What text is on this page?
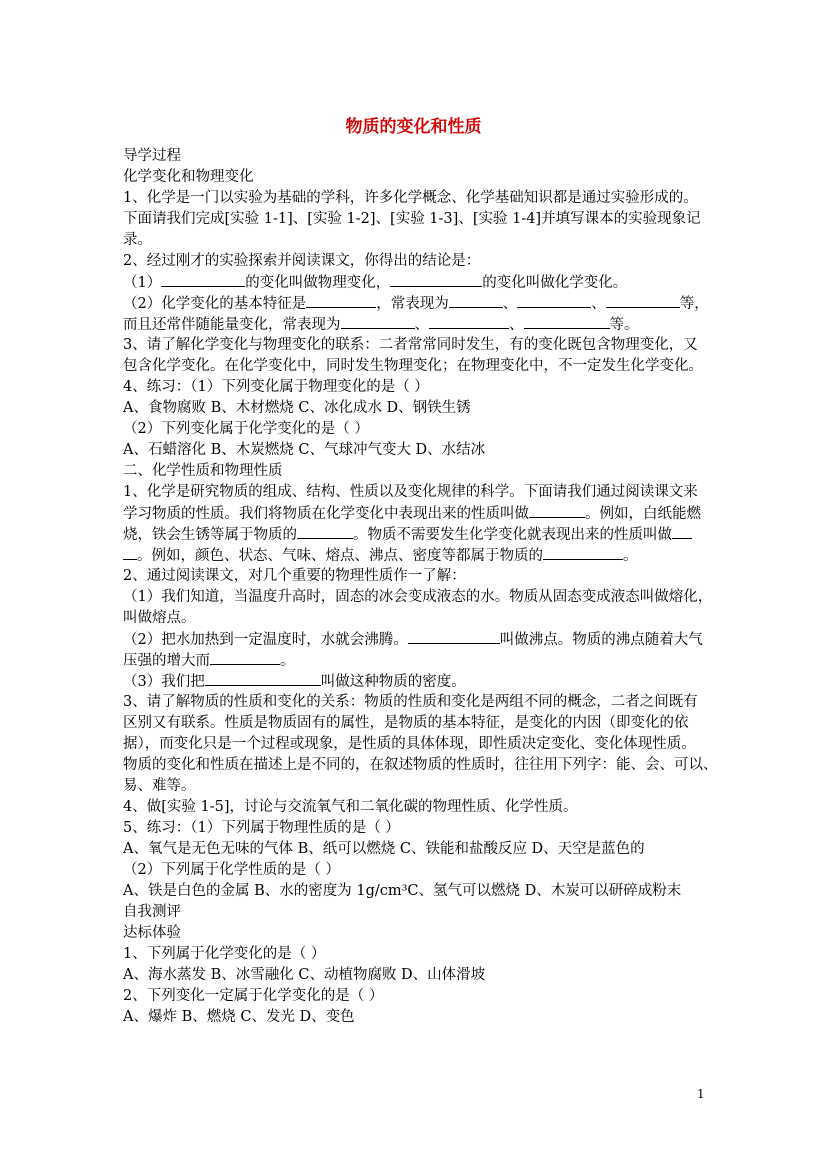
物质的变化和性质
导学过程
化学变化和物理变化
1、化学是一门以实验为基础的学科，许多化学概念、化学基础知识都是通过实验形成的。
下面请我们完成[实验 1-1]、[实验 1-2]、[实验 1-3]、[实验 1-4]并填写课本的实验现象记
录。
2、经过刚才的实验探索并阅读课文，你得出的结论是：
（1）	的变化叫做物理变化，	的变化叫做化学变化。
（2）化学变化的基本特征是	，常表现为	、	、	等，
而且还常伴随能量变化，常表现为	、	、	等。
3、请了解化学变化与物理变化的联系：二者常常同时发生，有的变化既包含物理变化，又
包含化学变化。在化学变化中，同时发生物理变化；在物理变化中，不一定发生化学变化。
4、练习：（1）下列变化属于物理变化的是（ ）
A、食物腐败 B、木材燃烧 C、冰化成水 D、钢铁生锈
（2）下列变化属于化学变化的是（ ）
A、石蜡溶化 B、木炭燃烧 C、气球冲气变大 D、水结冰
二、化学性质和物理性质
1、化学是研究物质的组成、结构、性质以及变化规律的科学。下面请我们通过阅读课文来
学习物质的性质。我们将物质在化学变化中表现出来的性质叫做	。例如，白纸能燃
烧，铁会生锈等属于物质的	。物质不需要发生化学变化就表现出来的性质叫做
。例如，颜色、状态、气味、熔点、沸点、密度等都属于物质的	。
2、通过阅读课文，对几个重要的物理性质作一了解：
（1）我们知道，当温度升高时，固态的冰会变成液态的水。物质从固态变成液态叫做熔化，
叫做熔点。
（2）把水加热到一定温度时，水就会沸腾。	叫做沸点。物质的沸点随着大气
压强的增大而	。
（3）我们把	叫做这种物质的密度。
3、请了解物质的性质和变化的关系：物质的性质和变化是两组不同的概念，二者之间既有
区别又有联系。性质是物质固有的属性，是物质的基本特征，是变化的内因（即变化的依
据），而变化只是一个过程或现象，是性质的具体体现，即性质决定变化、变化体现性质。
物质的变化和性质在描述上是不同的，在叙述物质的性质时，往往用下列字：能、会、可以、
易、难等。
4、做[实验 1-5]，讨论与交流氧气和二氧化碳的物理性质、化学性质。
5、练习：（1）下列属于物理性质的是（ ）
A、氧气是无色无味的气体 B、纸可以燃烧 C、铁能和盐酸反应 D、天空是蓝色的
（2）下列属于化学性质的是（ ）
A、铁是白色的金属 B、水的密度为 1g/cm³C、氢气可以燃烧 D、木炭可以研碎成粉末
自我测评
达标体验
1、下列属于化学变化的是（ ）
A、海水蒸发 B、冰雪融化 C、动植物腐败 D、山体滑坡
2、下列变化一定属于化学变化的是（ ）
A、爆炸 B、燃烧 C、发光 D、变色
1
